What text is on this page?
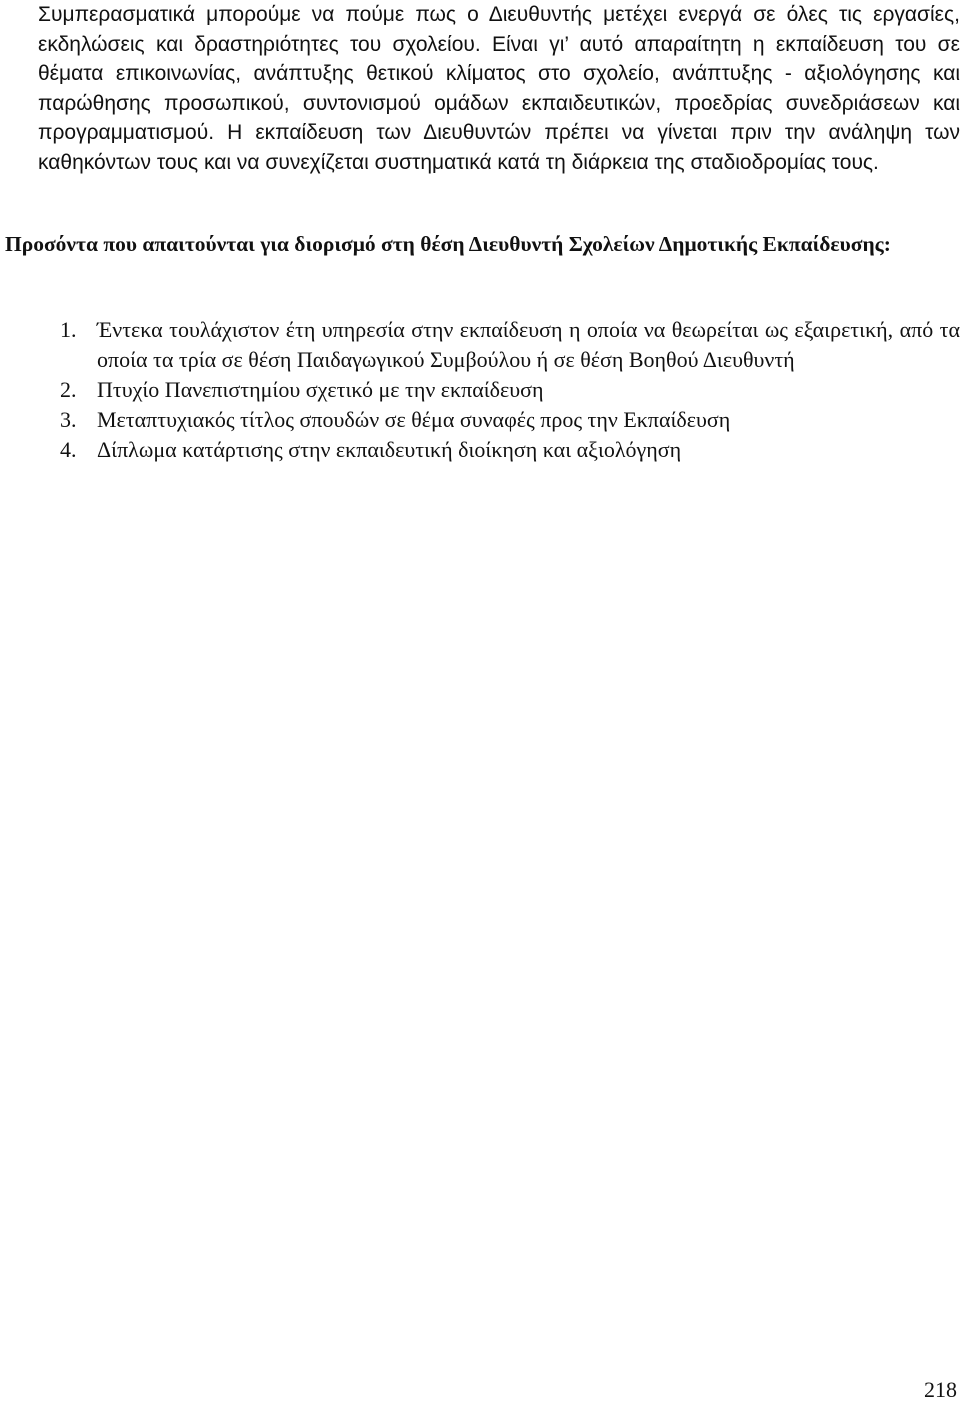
Συμπερασματικά μπορούμε να πούμε πως ο Διευθυντής μετέχει ενεργά σε όλες τις εργασίες, εκδηλώσεις και δραστηριότητες του σχολείου. Είναι γι’ αυτό απαραίτητη η εκπαίδευση του σε θέματα επικοινωνίας, ανάπτυξης θετικού κλίματος στο σχολείο, ανάπτυξης - αξιολόγησης και παρώθησης προσωπικού, συντονισμού ομάδων εκπαιδευτικών, προεδρίας συνεδριάσεων και προγραμματισμού. Η εκπαίδευση των Διευθυντών πρέπει να γίνεται πριν την ανάληψη των καθηκόντων τους και να συνεχίζεται συστηματικά κατά τη διάρκεια της σταδιοδρομίας τους.

Προσόντα που απαιτούνται για διορισμό στη θέση Διευθυντή Σχολείων Δημοτικής Εκπαίδευσης:

1. Έντεκα τουλάχιστον έτη υπηρεσία στην εκπαίδευση η οποία να θεωρείται ως εξαιρετική, από τα οποία τα τρία σε θέση Παιδαγωγικού Συμβούλου ή σε θέση Βοηθού Διευθυντή
2. Πτυχίο Πανεπιστημίου σχετικό με την εκπαίδευση
3. Μεταπτυχιακός τίτλος σπουδών σε θέμα συναφές προς την Εκπαίδευση
4. Δίπλωμα κατάρτισης στην εκπαιδευτική διοίκηση και αξιολόγηση

218
